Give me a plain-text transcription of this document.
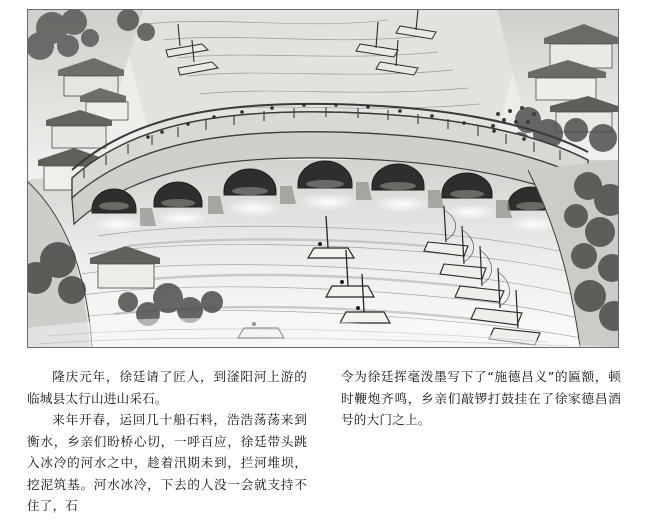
隆庆元年，徐廷请了匠人，到滏阳河上游的临城县太行山进山采石。

来年开春，运回几十船石料，浩浩荡荡来到衡水，乡亲们盼桥心切，一呼百应，徐廷带头跳入冰冷的河水之中，趁着汛期未到，拦河堆坝，挖泥筑基。河水冰冷，下去的人没一会就支持不住了，石

令为徐廷挥毫泼墨写下了“施德昌义”的匾额，顿时鞭炮齐鸣，乡亲们敲锣打鼓挂在了徐家德昌酒号的大门之上。
